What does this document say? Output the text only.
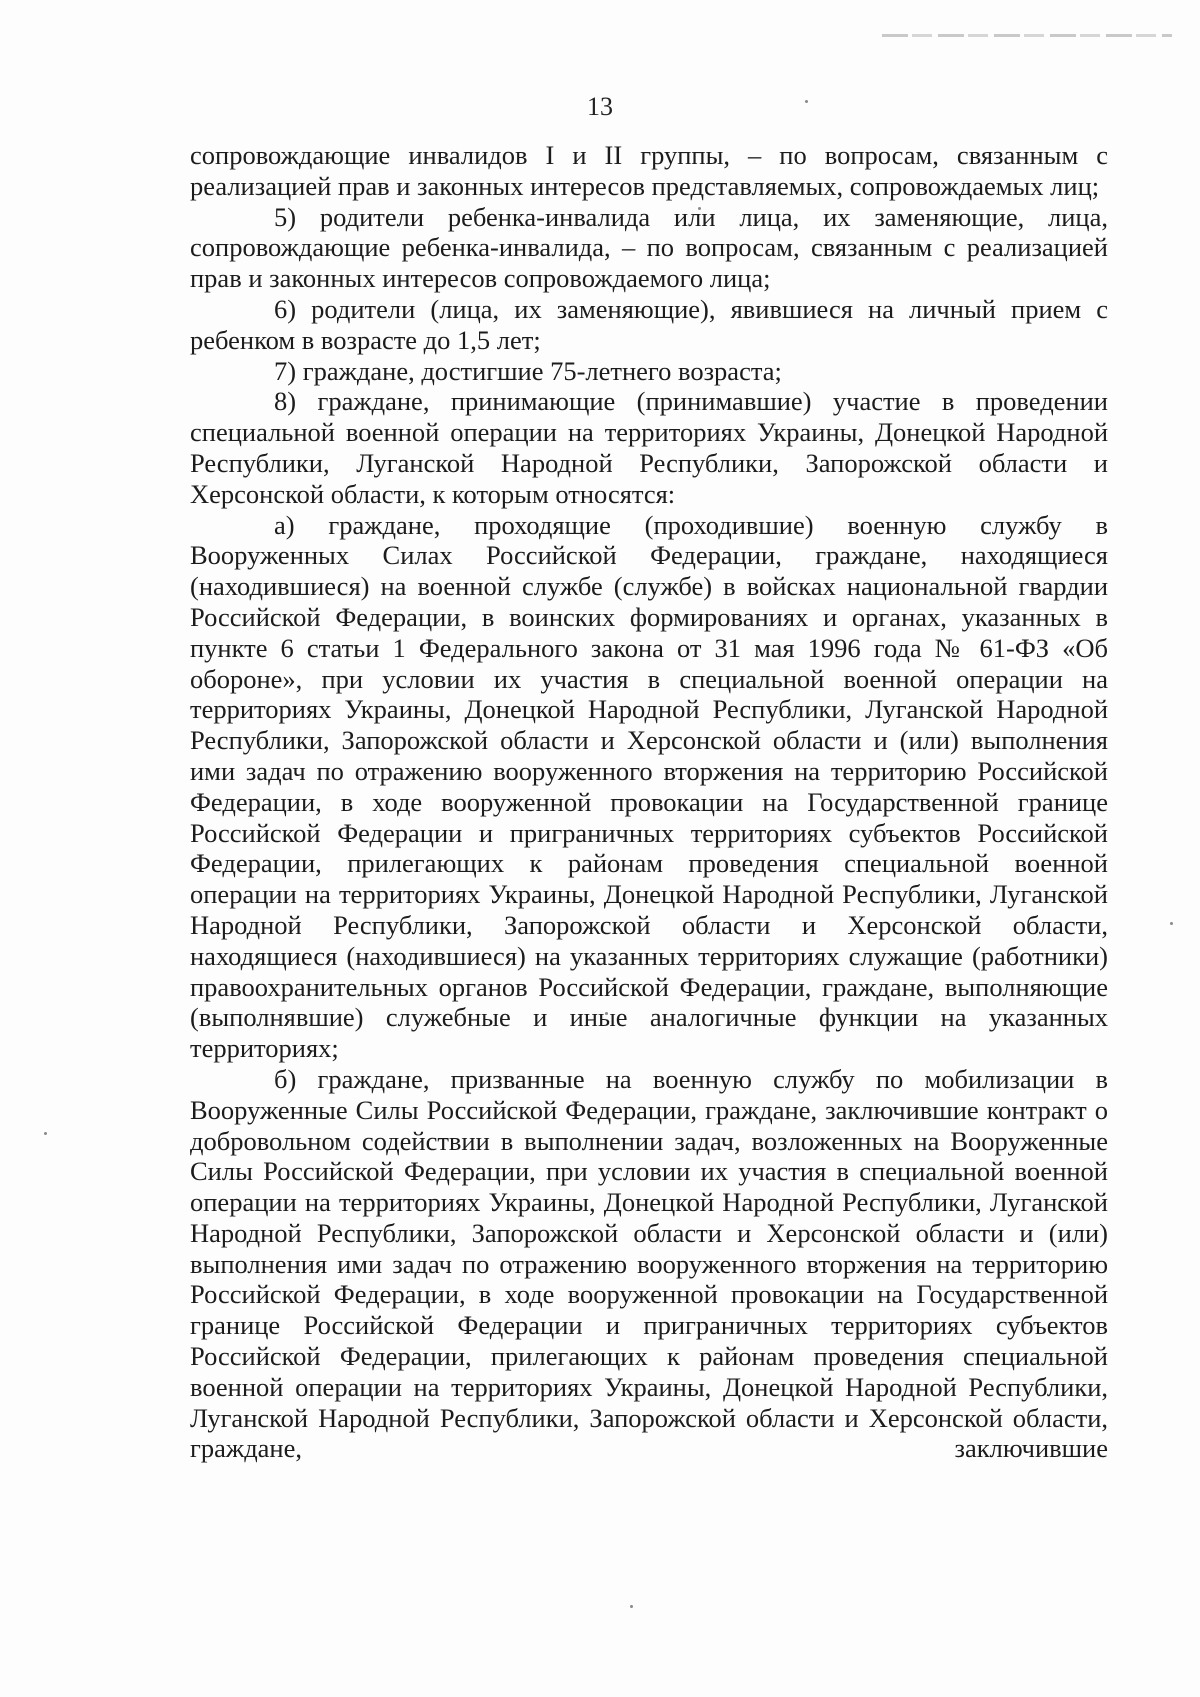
13

сопровождающие инвалидов I и II группы, – по вопросам, связанным с реализацией прав и законных интересов представляемых, сопровождаемых лиц;

5) родители ребенка-инвалида или лица, их заменяющие, лица, сопровождающие ребенка-инвалида, – по вопросам, связанным с реализацией прав и законных интересов сопровождаемого лица;

6) родители (лица, их заменяющие), явившиеся на личный прием с ребенком в возрасте до 1,5 лет;

7) граждане, достигшие 75-летнего возраста;

8) граждане, принимающие (принимавшие) участие в проведении специальной военной операции на территориях Украины, Донецкой Народной Республики, Луганской Народной Республики, Запорожской области и Херсонской области, к которым относятся:

а) граждане, проходящие (проходившие) военную службу в Вооруженных Силах Российской Федерации, граждане, находящиеся (находившиеся) на военной службе (службе) в войсках национальной гвардии Российской Федерации, в воинских формированиях и органах, указанных в пункте 6 статьи 1 Федерального закона от 31 мая 1996 года № 61-ФЗ «Об обороне», при условии их участия в специальной военной операции на территориях Украины, Донецкой Народной Республики, Луганской Народной Республики, Запорожской области и Херсонской области и (или) выполнения ими задач по отражению вооруженного вторжения на территорию Российской Федерации, в ходе вооруженной провокации на Государственной границе Российской Федерации и приграничных территориях субъектов Российской Федерации, прилегающих к районам проведения специальной военной операции на территориях Украины, Донецкой Народной Республики, Луганской Народной Республики, Запорожской области и Херсонской области, находящиеся (находившиеся) на указанных территориях служащие (работники) правоохранительных органов Российской Федерации, граждане, выполняющие (выполнявшие) служебные и иные аналогичные функции на указанных территориях;

б) граждане, призванные на военную службу по мобилизации в Вооруженные Силы Российской Федерации, граждане, заключившие контракт о добровольном содействии в выполнении задач, возложенных на Вооруженные Силы Российской Федерации, при условии их участия в специальной военной операции на территориях Украины, Донецкой Народной Республики, Луганской Народной Республики, Запорожской области и Херсонской области и (или) выполнения ими задач по отражению вооруженного вторжения на территорию Российской Федерации, в ходе вооруженной провокации на Государственной границе Российской Федерации и приграничных территориях субъектов Российской Федерации, прилегающих к районам проведения специальной военной операции на территориях Украины, Донецкой Народной Республики, Луганской Народной Республики, Запорожской области и Херсонской области, граждане, заключившие
